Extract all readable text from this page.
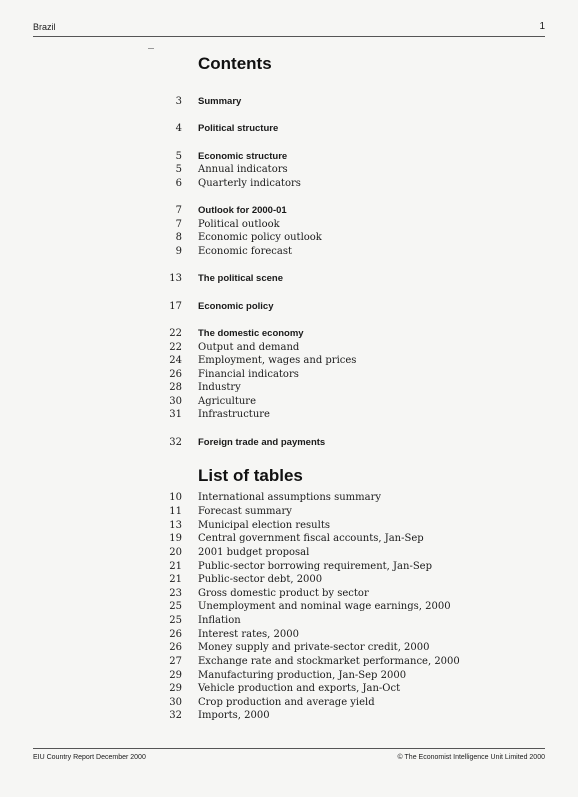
Brazil	1
Contents
List of tables
3 Summary
4 Political structure
5 Economic structure
5 Annual indicators
6 Quarterly indicators
7 Outlook for 2000-01
7 Political outlook
8 Economic policy outlook
9 Economic forecast
13 The political scene
17 Economic policy
22 The domestic economy
22 Output and demand
24 Employment, wages and prices
26 Financial indicators
28 Industry
30 Agriculture
31 Infrastructure
32 Foreign trade and payments
10 International assumptions summary
11 Forecast summary
13 Municipal election results
19 Central government fiscal accounts, Jan-Sep
20 2001 budget proposal
21 Public-sector borrowing requirement, Jan-Sep
21 Public-sector debt, 2000
23 Gross domestic product by sector
25 Unemployment and nominal wage earnings, 2000
25 Inflation
26 Interest rates, 2000
26 Money supply and private-sector credit, 2000
27 Exchange rate and stockmarket performance, 2000
29 Manufacturing production, Jan-Sep 2000
29 Vehicle production and exports, Jan-Oct
30 Crop production and average yield
32 Imports, 2000
EIU Country Report December 2000	© The Economist Intelligence Unit Limited 2000
